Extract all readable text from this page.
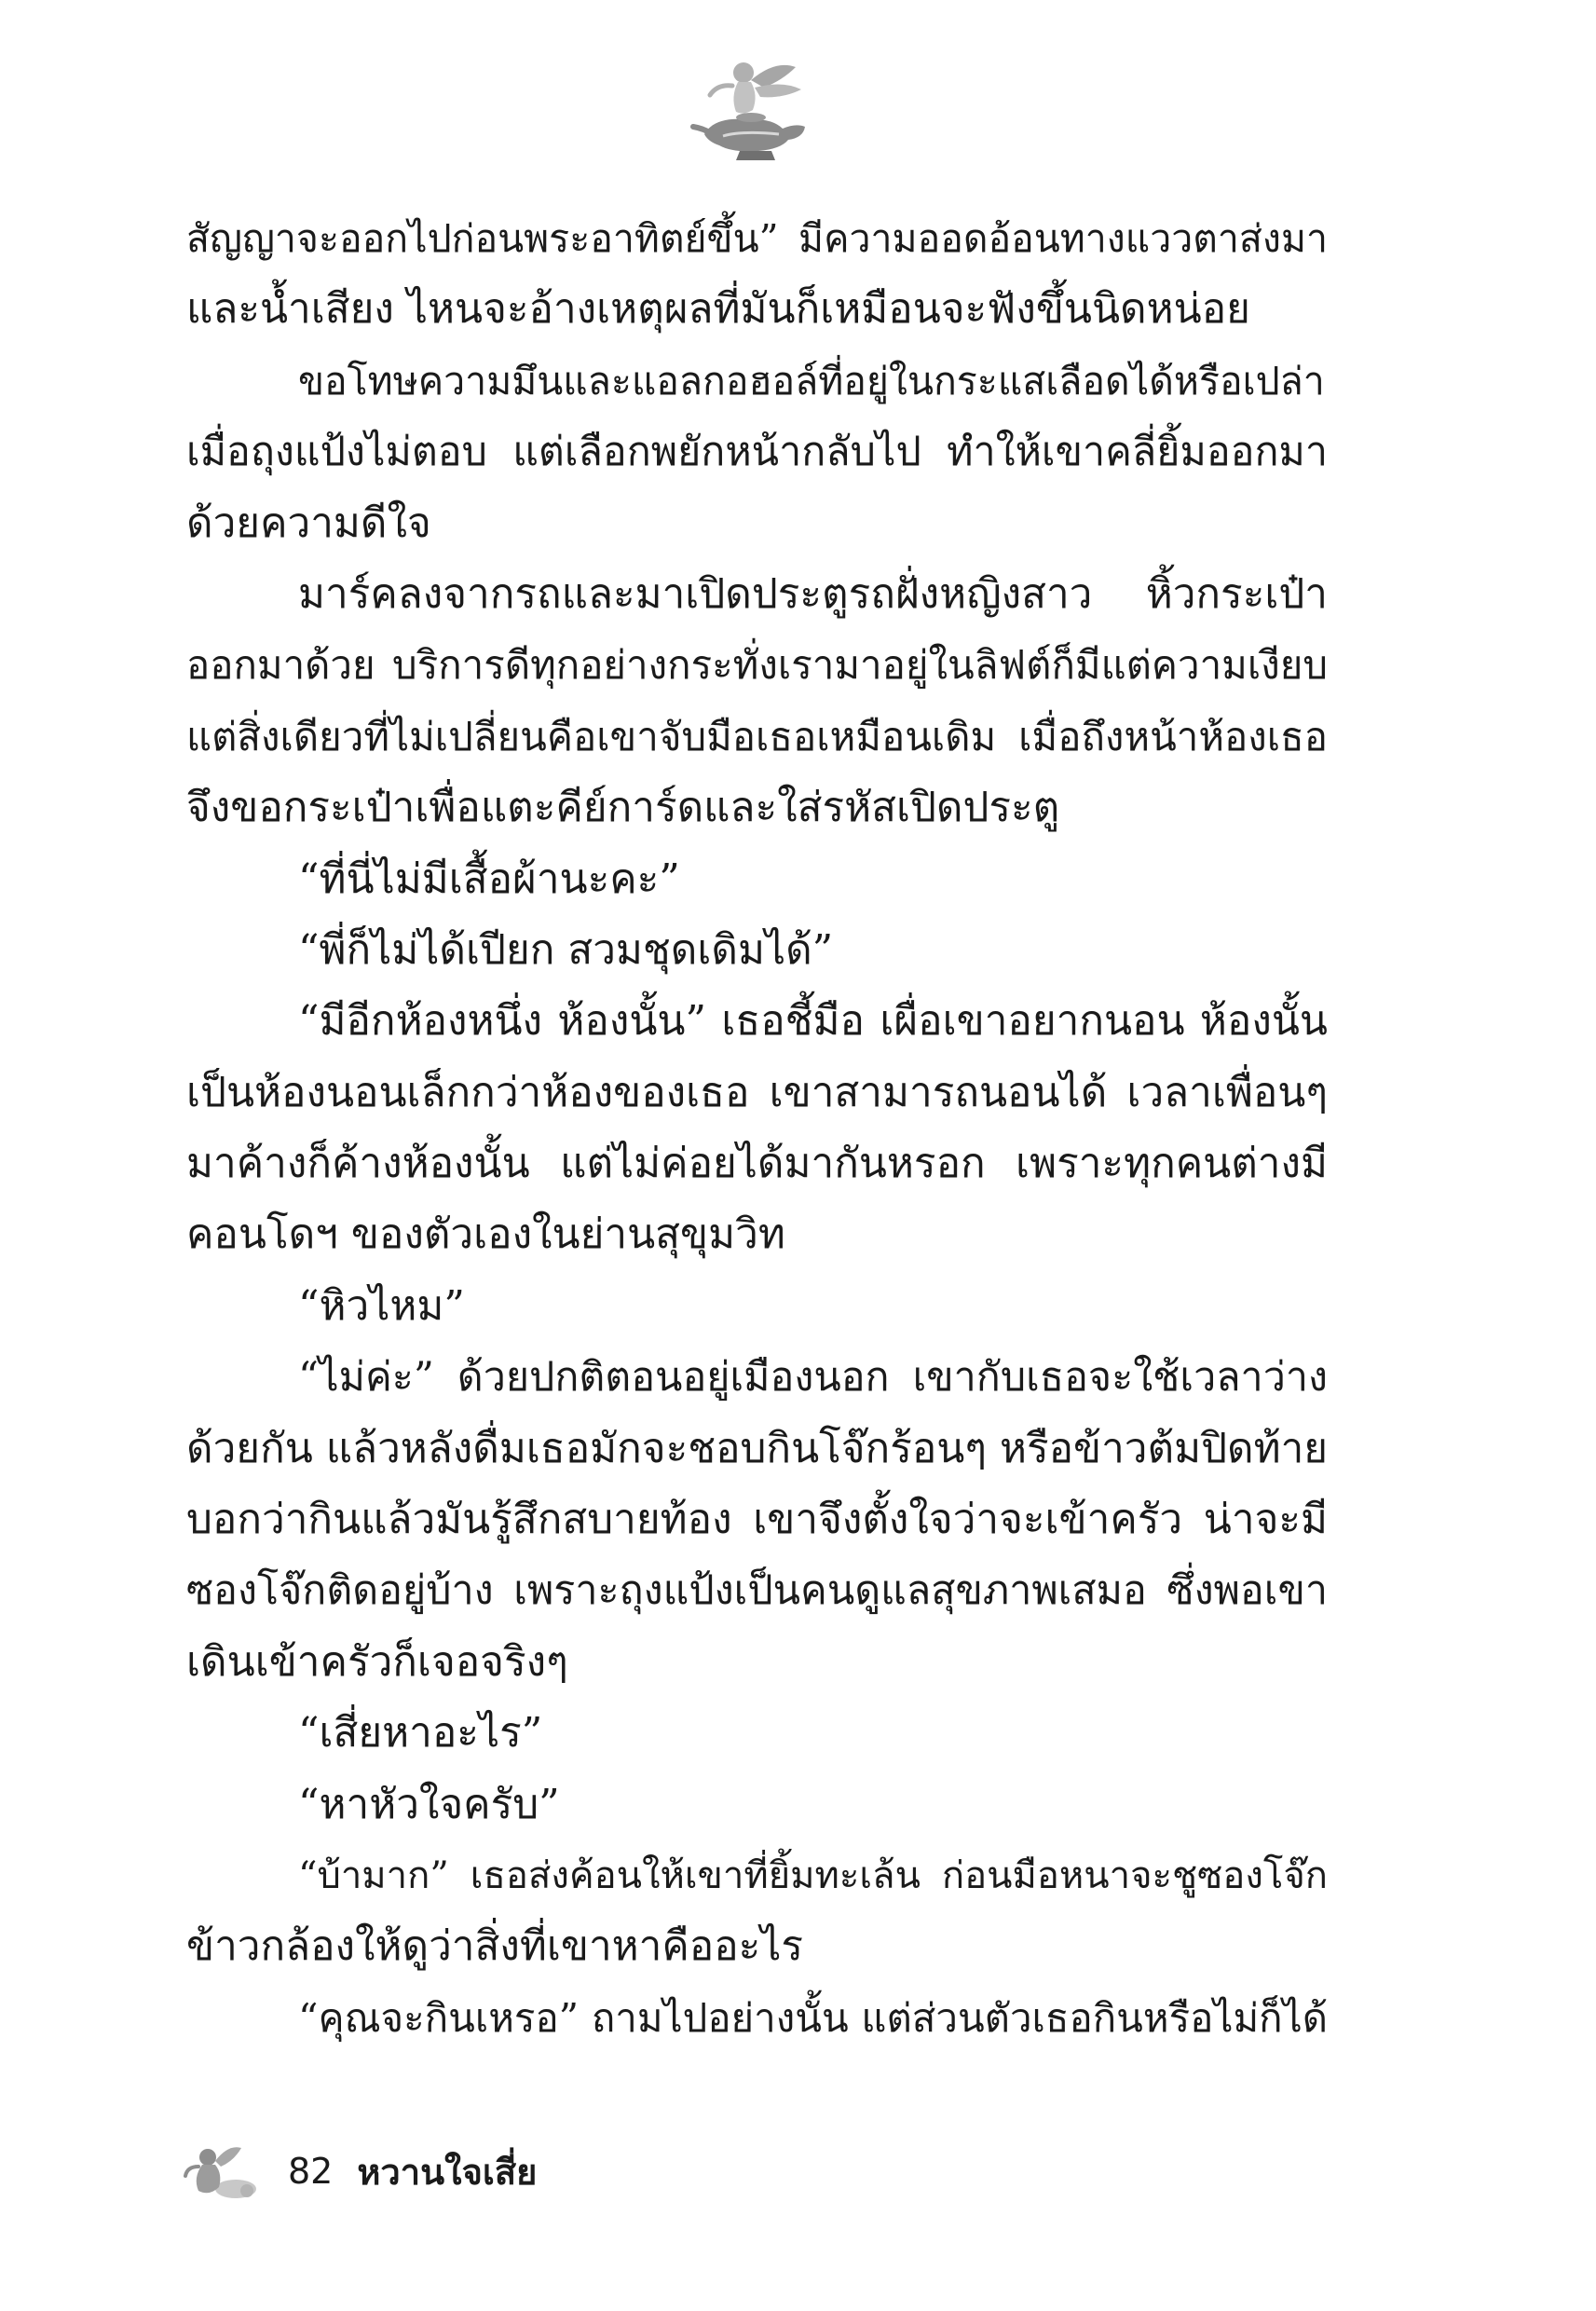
สัญญาจะออกไปก่อนพระอาทิตย์ขึ้น” มีความออดอ้อนทางแววตาส่งมา
และน้ำเสียง ไหนจะอ้างเหตุผลที่มันก็เหมือนจะฟังขึ้นนิดหน่อย
ขอโทษความมึนและแอลกอฮอล์ที่อยู่ในกระแสเลือดได้หรือเปล่า
เมื่อถุงแป้งไม่ตอบ แต่เลือกพยักหน้ากลับไป ทำให้เขาคลี่ยิ้มออกมา
ด้วยความดีใจ
มาร์คลงจากรถและมาเปิดประตูรถฝั่งหญิงสาว หิ้วกระเป๋า
ออกมาด้วย บริการดีทุกอย่างกระทั่งเรามาอยู่ในลิฟต์ก็มีแต่ความเงียบ
แต่สิ่งเดียวที่ไม่เปลี่ยนคือเขาจับมือเธอเหมือนเดิม เมื่อถึงหน้าห้องเธอ
จึงขอกระเป๋าเพื่อแตะคีย์การ์ดและใส่รหัสเปิดประตู
“ที่นี่ไม่มีเสื้อผ้านะคะ”
“พี่ก็ไม่ได้เปียก สวมชุดเดิมได้”
“มีอีกห้องหนึ่ง ห้องนั้น” เธอชี้มือ เผื่อเขาอยากนอน ห้องนั้น
เป็นห้องนอนเล็กกว่าห้องของเธอ เขาสามารถนอนได้ เวลาเพื่อนๆ
มาค้างก็ค้างห้องนั้น แต่ไม่ค่อยได้มากันหรอก เพราะทุกคนต่างมี
คอนโดฯ ของตัวเองในย่านสุขุมวิท
“หิวไหม”
“ไม่ค่ะ” ด้วยปกติตอนอยู่เมืองนอก เขากับเธอจะใช้เวลาว่าง
ด้วยกัน แล้วหลังดื่มเธอมักจะชอบกินโจ๊กร้อนๆ หรือข้าวต้มปิดท้าย
บอกว่ากินแล้วมันรู้สึกสบายท้อง เขาจึงตั้งใจว่าจะเข้าครัว น่าจะมี
ซองโจ๊กติดอยู่บ้าง เพราะถุงแป้งเป็นคนดูแลสุขภาพเสมอ ซึ่งพอเขา
เดินเข้าครัวก็เจอจริงๆ
“เสี่ยหาอะไร”
“หาหัวใจครับ”
“บ้ามาก” เธอส่งค้อนให้เขาที่ยิ้มทะเล้น ก่อนมือหนาจะชูซองโจ๊ก
ข้าวกล้องให้ดูว่าสิ่งที่เขาหาคืออะไร
“คุณจะกินเหรอ” ถามไปอย่างนั้น แต่ส่วนตัวเธอกินหรือไม่ก็ได้
82 หวานใจเสี่ย
